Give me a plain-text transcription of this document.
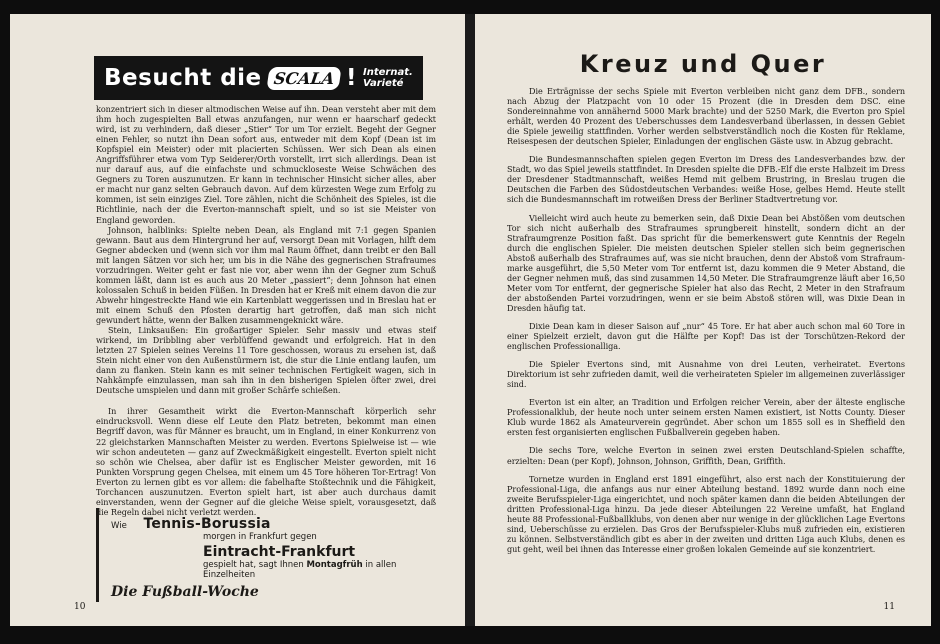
Besucht die SCALA ! Internat.
Varieté

konzentriert sich in dieser altmodischen Weise auf ihn. Dean versteht aber mit dem ihm hoch zugespielten Ball etwas anzufangen, nur wenn er haarscharf gedeckt wird, ist zu verhindern, daß dieser „Stier“ Tor um Tor erzielt. Begeht der Gegner einen Fehler, so nutzt ihn Dean sofort aus, entweder mit dem Kopf (Dean ist im Kopfspiel ein Meister) oder mit placierten Schüssen. Wer sich Dean als einen Angriffsführer etwa vom Typ Seiderer/Orth vorstellt, irrt sich allerdings. Dean ist nur darauf aus, auf die einfachste und schmuckloseste Weise Schwächen des Gegners zu Toren auszunutzen. Er kann in technischer Hinsicht sicher alles, aber er macht nur ganz selten Gebrauch davon. Auf dem kürzesten Wege zum Erfolg zu kommen, ist sein einziges Ziel. Tore zählen, nicht die Schönheit des Spieles, ist die Richtlinie, nach der die Everton-mannschaft spielt, und so ist sie Meister von England geworden.

Johnson, halblinks: Spielte neben Dean, als England mit 7:1 gegen Spanien gewann. Baut aus dem Hintergrund her auf, versorgt Dean mit Vorlagen, hilft dem Gegner abdecken und (wenn sich vor ihm mal Raum öffnet, dann treibt er den Ball mit langen Sätzen vor sich her, um bis in die Nähe des gegnerischen Strafraumes vorzudringen. Weiter geht er fast nie vor, aber wenn ihn der Gegner zum Schuß kommen läßt, dann ist es auch aus 20 Meter „passiert“; denn Johnson hat einen kolossalen Schuß in beiden Füßen. In Dresden hat er Kreß mit einem davon die zur Abwehr hingestreckte Hand wie ein Kartenblatt weggerissen und in Breslau hat er mit einem Schuß den Pfosten derartig hart getroffen, daß man sich nicht gewundert hätte, wenn der Balken zusammengeknickt wäre.

Stein, Linksaußen: Ein großartiger Spieler. Sehr massiv und etwas steif wirkend, im Dribbling aber verblüffend gewandt und erfolgreich. Hat in den letzten 27 Spielen seines Vereins 11 Tore geschossen, woraus zu ersehen ist, daß Stein nicht einer von den Außenstürmern ist, die stur die Linie entlang laufen, um dann zu flanken. Stein kann es mit seiner technischen Fertigkeit wagen, sich in Nahkämpfe einzulassen, man sah ihn in den bisherigen Spielen öfter zwei, drei Deutsche umspielen und dann mit großer Schärfe schießen.

In ihrer Gesamtheit wirkt die Everton-Mannschaft körperlich sehr eindrucksvoll. Wenn diese elf Leute den Platz betreten, bekommt man einen Begriff davon, was für Männer es braucht, um in England, in einer Konkurrenz von 22 gleichstarken Mannschaften Meister zu werden. Evertons Spielweise ist — wie wir schon andeuteten — ganz auf Zweckmäßigkeit eingestellt. Everton spielt nicht so schön wie Chelsea, aber dafür ist es Englischer Meister geworden, mit 16 Punkten Vorsprung gegen Chelsea, mit einem um 45 Tore höheren Tor-Ertrag! Von Everton zu lernen gibt es vor allem: die fabelhafte Stoßtechnik und die Fähigkeit, Torchancen auszunutzen. Everton spielt hart, ist aber auch durchaus damit einverstanden, wenn der Gegner auf die gleiche Weise spielt, vorausgesetzt, daß die Regeln dabei nicht verletzt werden.

Wie Tennis-Borussia
morgen in Frankfurt gegen
Eintracht-Frankfurt
gespielt hat, sagt Ihnen Montagfrüh in allen
Einzelheiten
Die Fußball-Woche
10
Kreuz und Quer

Die Erträgnisse der sechs Spiele mit Everton verbleiben nicht ganz dem DFB., sondern nach Abzug der Platzpacht von 10 oder 15 Prozent (die in Dresden dem DSC. eine Sondereinnahme von annähernd 5000 Mark brachte) und der 5250 Mark, die Everton pro Spiel erhält, werden 40 Prozent des Ueberschusses dem Landesverband überlassen, in dessen Gebiet die Spiele jeweilig stattfinden. Vorher werden selbstverständlich noch die Kosten für Reklame, Reisespesen der deutschen Spieler, Einladungen der englischen Gäste usw. in Abzug gebracht.

Die Bundesmannschaften spielen gegen Everton im Dress des Landesverbandes bzw. der Stadt, wo das Spiel jeweils stattfindet. In Dresden spielte die DFB.-Elf die erste Halbzeit im Dress der Dresdener Stadtmannschaft, weißes Hemd mit gelbem Brustring, in Breslau trugen die Deutschen die Farben des Südostdeutschen Verbandes: weiße Hose, gelbes Hemd. Heute stellt sich die Bundesmannschaft im rotweißen Dress der Berliner Stadtvertretung vor.

Vielleicht wird auch heute zu bemerken sein, daß Dixie Dean bei Abstößen vom deutschen Tor sich nicht außerhalb des Strafraumes sprungbereit hinstellt, sondern dicht an der Strafraumgrenze Position faßt. Das spricht für die bemerkenswert gute Kenntnis der Regeln durch die englischen Spieler. Die meisten deutschen Spieler stellen sich beim gegnerischen Abstoß außerhalb des Strafraumes auf, was sie nicht brauchen, denn der Abstoß vom Strafraum-marke ausgeführt, die 5,50 Meter vom Tor entfernt ist, dazu kommen die 9 Meter Abstand, die der Gegner nehmen muß, das sind zusammen 14,50 Meter. Die Strafraumgrenze läuft aber 16,50 Meter vom Tor entfernt, der gegnerische Spieler hat also das Recht, 2 Meter in den Strafraum der abstoßenden Partei vorzudringen, wenn er sie beim Abstoß stören will, was Dixie Dean in Dresden häufig tat.

Dixie Dean kam in dieser Saison auf „nur“ 45 Tore. Er hat aber auch schon mal 60 Tore in einer Spielzeit erzielt, davon gut die Hälfte per Kopf! Das ist der Torschützen-Rekord der englischen Professionalliga.

Die Spieler Evertons sind, mit Ausnahme von drei Leuten, verheiratet. Evertons Direktorium ist sehr zufrieden damit, weil die verheirateten Spieler im allgemeinen zuverlässiger sind.

Everton ist ein alter, an Tradition und Erfolgen reicher Verein, aber der älteste englische Professionalklub, der heute noch unter seinem ersten Namen existiert, ist Notts County. Dieser Klub wurde 1862 als Amateurverein gegründet. Aber schon um 1855 soll es in Sheffield den ersten fest organisierten englischen Fußballverein gegeben haben.

Die sechs Tore, welche Everton in seinen zwei ersten Deutschland-Spielen schaffte, erzielten: Dean (per Kopf), Johnson, Johnson, Griffith, Dean, Griffith.

Tornetze wurden in England erst 1891 eingeführt, also erst nach der Konstituierung der Professional-Liga, die anfangs aus nur einer Abteilung bestand. 1892 wurde dann noch eine zweite Berufsspieler-Liga eingerichtet, und noch später kamen dann die beiden Abteilungen der dritten Professional-Liga hinzu. Da jede dieser Abteilungen 22 Vereine umfaßt, hat England heute 88 Professional-Fußballklubs, von denen aber nur wenige in der glücklichen Lage Evertons sind, Ueberschüsse zu erzielen. Das Gros der Berufsspieler-Klubs muß zufrieden ein, existieren zu können. Selbstverständlich gibt es aber in der zweiten und dritten Liga auch Klubs, denen es gut geht, weil bei ihnen das Interesse einer großen lokalen Gemeinde auf sie konzentriert.

11
